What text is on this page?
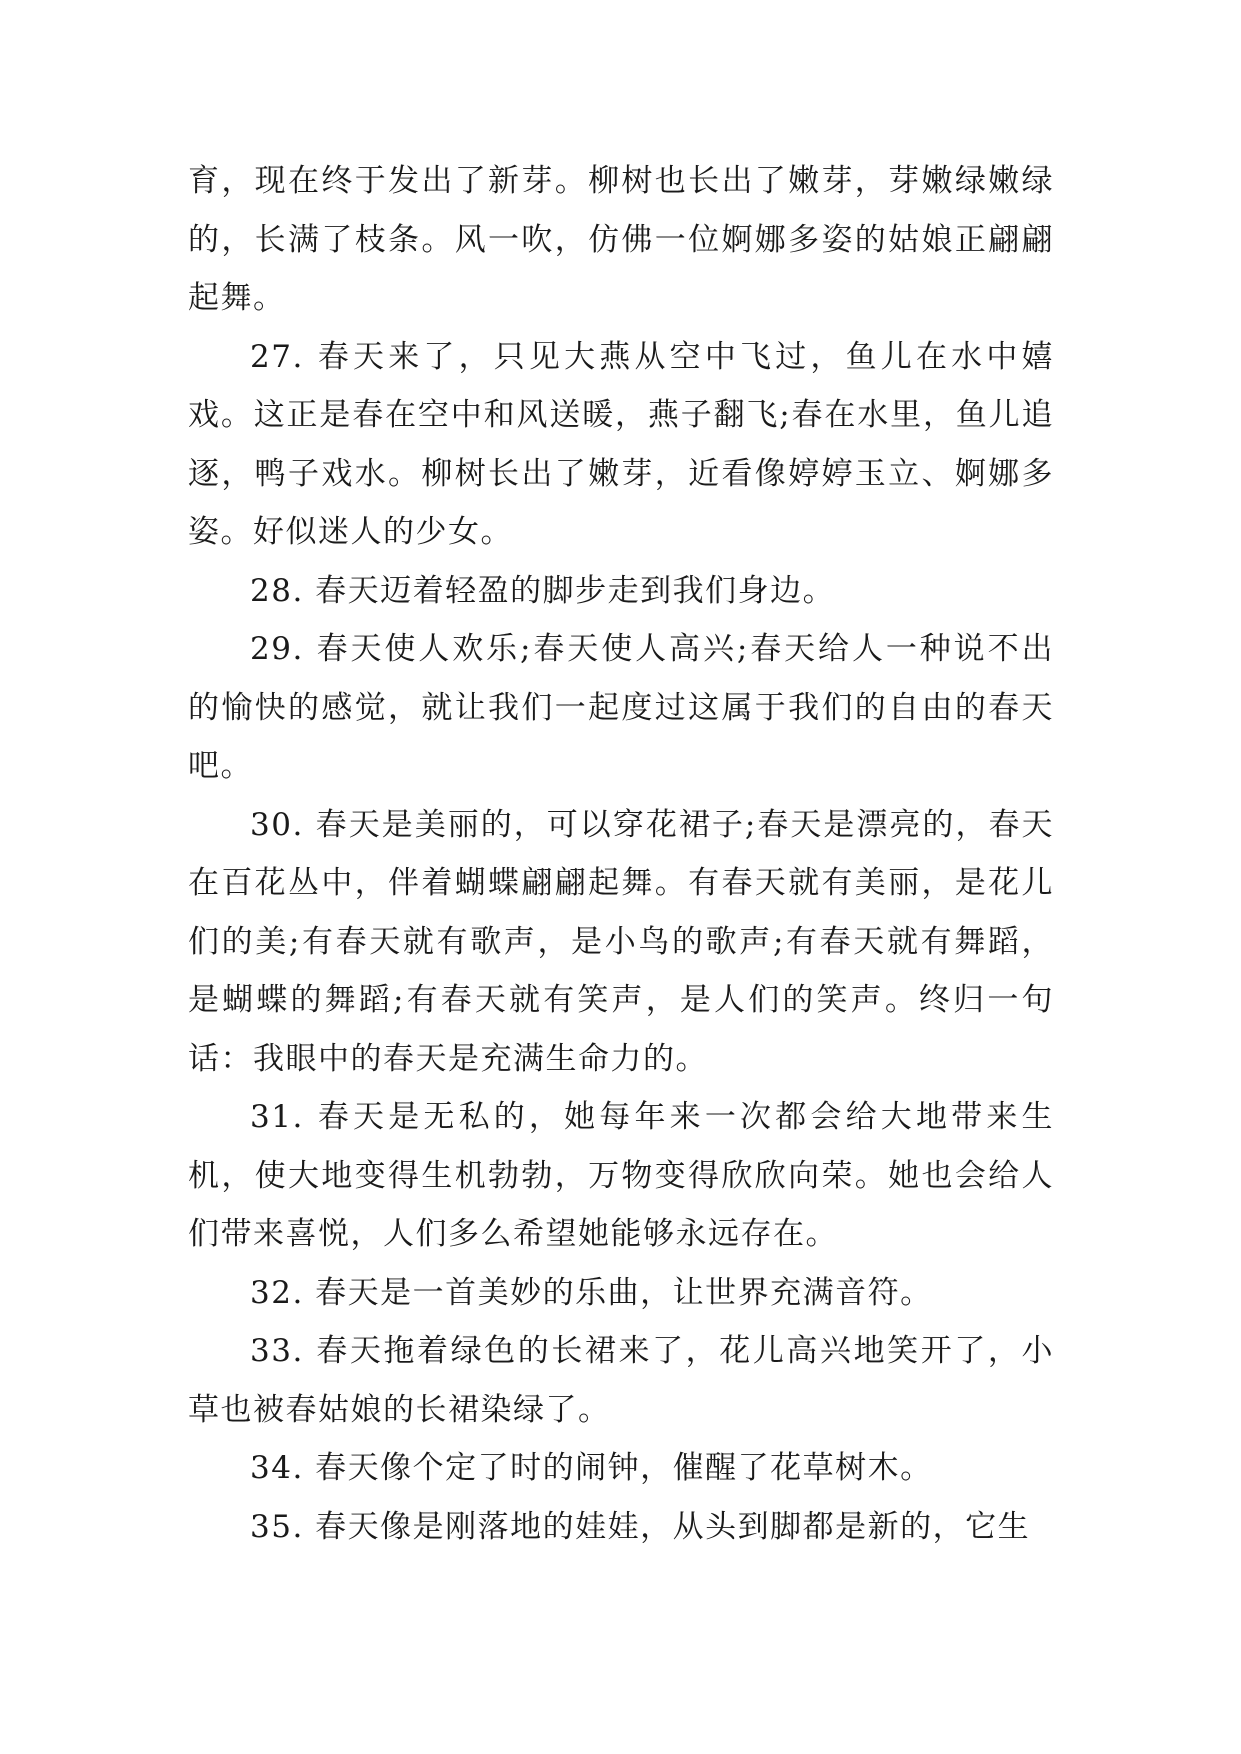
育，现在终于发出了新芽。柳树也长出了嫩芽，芽嫩绿嫩绿的，长满了枝条。风一吹，仿佛一位婀娜多姿的姑娘正翩翩起舞。

27. 春天来了，只见大燕从空中飞过，鱼儿在水中嬉戏。这正是春在空中和风送暖，燕子翻飞;春在水里，鱼儿追逐，鸭子戏水。柳树长出了嫩芽，近看像婷婷玉立、婀娜多姿。好似迷人的少女。

28. 春天迈着轻盈的脚步走到我们身边。

29. 春天使人欢乐;春天使人高兴;春天给人一种说不出的愉快的感觉，就让我们一起度过这属于我们的自由的春天吧。

30. 春天是美丽的，可以穿花裙子;春天是漂亮的，春天在百花丛中，伴着蝴蝶翩翩起舞。有春天就有美丽，是花儿们的美;有春天就有歌声，是小鸟的歌声;有春天就有舞蹈，是蝴蝶的舞蹈;有春天就有笑声，是人们的笑声。终归一句话：我眼中的春天是充满生命力的。

31. 春天是无私的，她每年来一次都会给大地带来生机，使大地变得生机勃勃，万物变得欣欣向荣。她也会给人们带来喜悦，人们多么希望她能够永远存在。

32. 春天是一首美妙的乐曲，让世界充满音符。

33. 春天拖着绿色的长裙来了，花儿高兴地笑开了，小草也被春姑娘的长裙染绿了。

34. 春天像个定了时的闹钟，催醒了花草树木。

35. 春天像是刚落地的娃娃，从头到脚都是新的，它生
